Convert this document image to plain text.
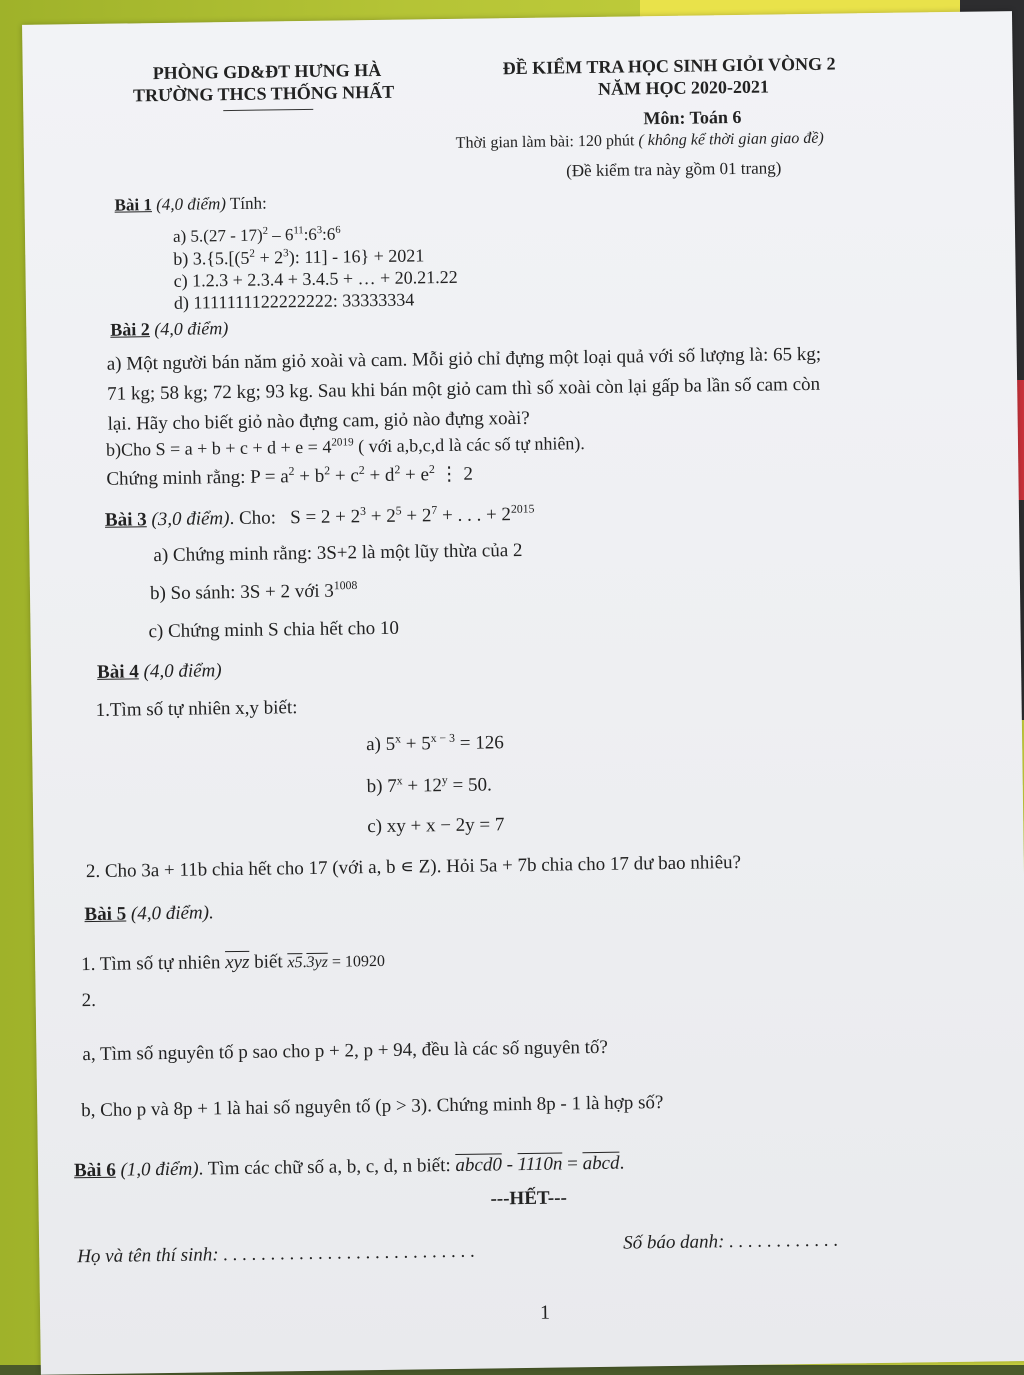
PHÒNG GD&ĐT HƯNG HÀ
TRƯỜNG THCS THỐNG NHẤT
ĐỀ KIỂM TRA HỌC SINH GIỎI VÒNG 2
NĂM HỌC 2020-2021
Môn: Toán 6
Thời gian làm bài: 120 phút ( không kể thời gian giao đề)
(Đề kiểm tra này gồm 01 trang)
Bài 1 (4,0 điểm) Tính:
a) $5.(27 - 17)^2 - 6^{11}:6^3:6^6$
b) $3.\{5.[(5^2 + 2^3)$: 11] - 16} + 2021
c) 1.2.3 + 2.3.4 + 3.4.5 + … + 20.21.22
d) 1111111122222222: 33333334
Bài 2 (4,0 điểm)
a) Một người bán năm giỏ xoài và cam. Mỗi giỏ chỉ đựng một loại quả với số lượng là: 65 kg;
71 kg; 58 kg; 72 kg; 93 kg. Sau khi bán một giỏ cam thì số xoài còn lại gấp ba lần số cam còn
lại. Hãy cho biết giỏ nào đựng cam, giỏ nào đựng xoài?
b)Cho $S = a + b + c + d + e = 4^{2019}$ ( với a,b,c,d là các số tự nhiên).
Chứng minh rằng: $P = a^2 + b^2 + c^2 + d^2 + e^2$ ⋮ 2
Bài 3 (3,0 điểm). Cho: $S = 2 + 2^3 + 2^5 + 2^7$ + . . . + $2^{2015}$
a) Chứng minh rằng: 3S+2 là một lũy thừa của 2
b) So sánh: 3S + 2 với $3^{1008}$
c) Chứng minh S chia hết cho 10
Bài 4 (4,0 điểm)
1.Tìm số tự nhiên x,y biết:
a) $5^x + 5^{x - 3} = 126$
b) $7^x + 12^y = 50$.
c) xy + x − 2y = 7
2. Cho 3a + 11b chia hết cho 17 (với a, b ∊ Z). Hỏi 5a + 7b chia cho 17 dư bao nhiêu?
Bài 5 (4,0 điểm).
1. Tìm số tự nhiên $\overline{xyz}$ biết x5.3yz = 10920
2.
a, Tìm số nguyên tố p sao cho p + 2, p + 94, đều là các số nguyên tố?
b, Cho p và 8p + 1 là hai số nguyên tố (p > 3). Chứng minh 8p - 1 là hợp số?
Bài 6 (1,0 điểm). Tìm các chữ số a, b, c, d, n biết: abcd0 - 1110n = abcd.
---HẾT---
Họ và tên thí sinh: . . . . . . . . . . . . . . . . . . . . . . . . . . .	Số báo danh: . . . . . . . . . . . .
1
